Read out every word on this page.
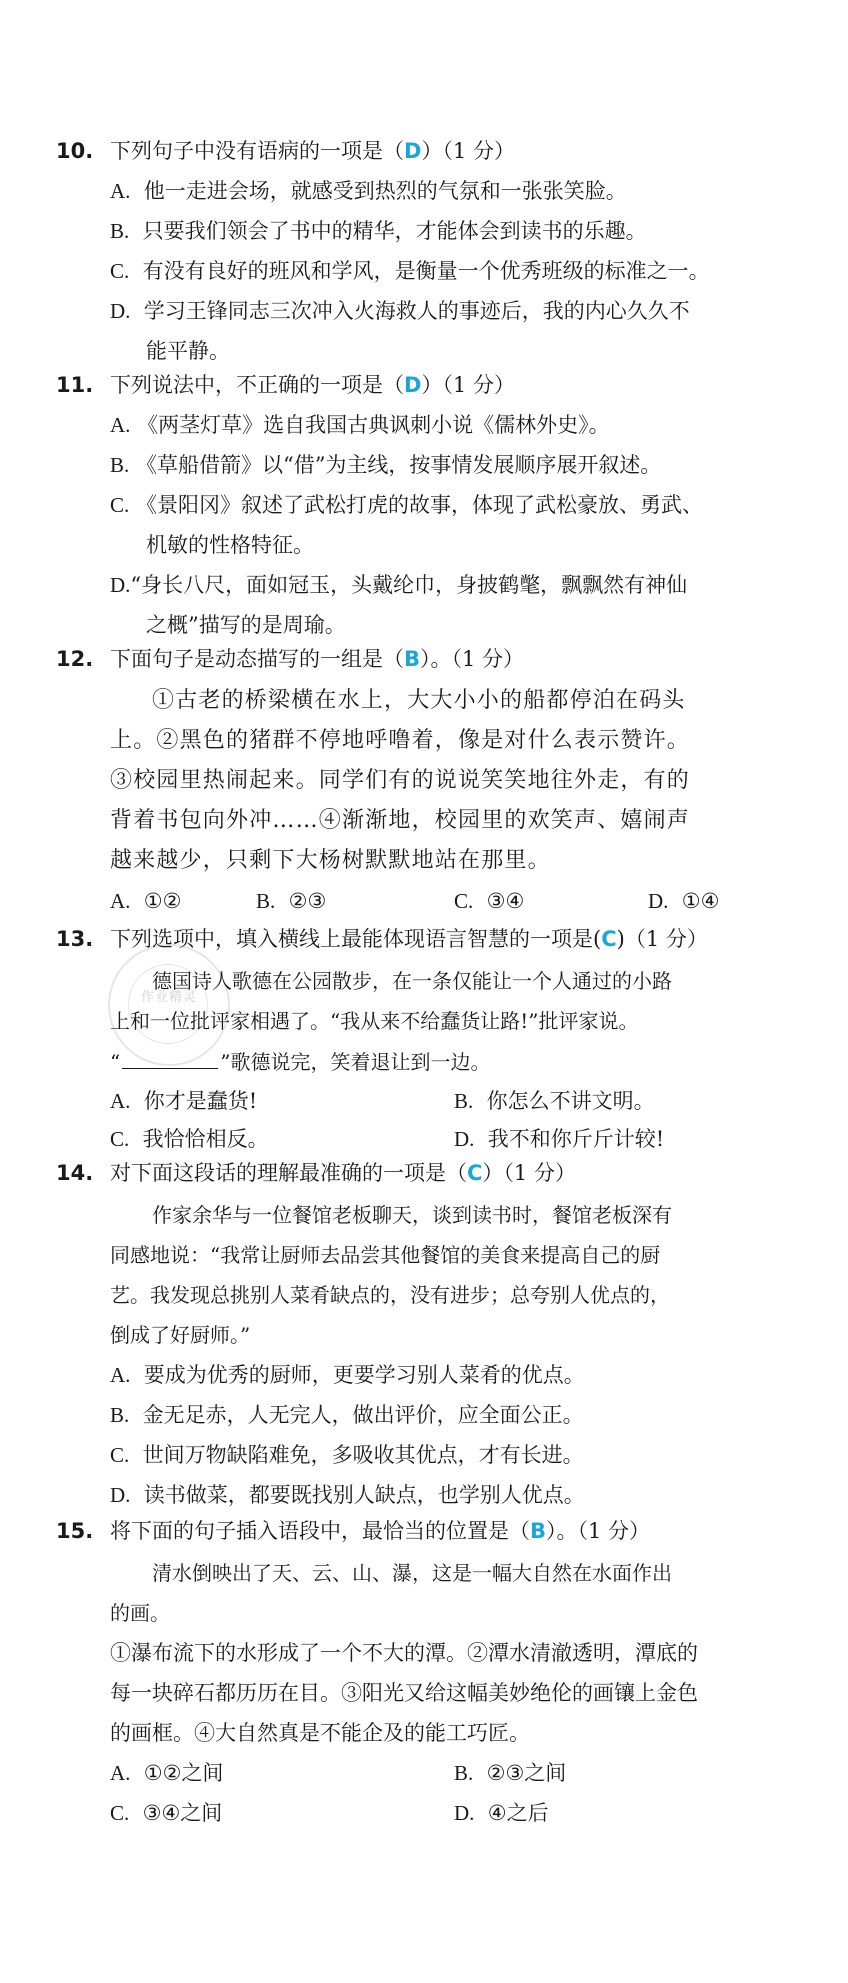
10. 下列句子中没有语病的一项是（D）（1 分）
A. 他一走进会场，就感受到热烈的气氛和一张张笑脸。
B. 只要我们领会了书中的精华，才能体会到读书的乐趣。
C. 有没有良好的班风和学风，是衡量一个优秀班级的标准之一。
D. 学习王锋同志三次冲入火海救人的事迹后，我的内心久久不
能平静。
11. 下列说法中，不正确的一项是（D）（1 分）
A. 《两茎灯草》选自我国古典讽刺小说《儒林外史》。
B. 《草船借箭》以“借”为主线，按事情发展顺序展开叙述。
C. 《景阳冈》叙述了武松打虎的故事，体现了武松豪放、勇武、
机敏的性格特征。
D.“身长八尺，面如冠玉，头戴纶巾，身披鹤氅，飘飘然有神仙
之概”描写的是周瑜。
12. 下面句子是动态描写的一组是（B）。（1 分）
①古老的桥梁横在水上，大大小小的船都停泊在码头
上。②黑色的猪群不停地呼噜着，像是对什么表示赞许。
③校园里热闹起来。同学们有的说说笑笑地往外走，有的
背着书包向外冲……④渐渐地，校园里的欢笑声、嬉闹声
越来越少，只剩下大杨树默默地站在那里。
A. ①②	B. ②③	C. ③④	D. ①④
13. 下列选项中，填入横线上最能体现语言智慧的一项是(C)（1 分）
作业精灵
德国诗人歌德在公园散步，在一条仅能让一个人通过的小路
上和一位批评家相遇了。“我从来不给蠢货让路!”批评家说。
“	”歌德说完，笑着退让到一边。
A. 你才是蠢货!	B. 你怎么不讲文明。
C. 我恰恰相反。	D. 我不和你斤斤计较!
14. 对下面这段话的理解最准确的一项是（C）（1 分）
作家余华与一位餐馆老板聊天，谈到读书时，餐馆老板深有
同感地说：“我常让厨师去品尝其他餐馆的美食来提高自己的厨
艺。我发现总挑别人菜肴缺点的，没有进步；总夸别人优点的，
倒成了好厨师。”
A. 要成为优秀的厨师，更要学习别人菜肴的优点。
B. 金无足赤，人无完人，做出评价，应全面公正。
C. 世间万物缺陷难免，多吸收其优点，才有长进。
D. 读书做菜，都要既找别人缺点，也学别人优点。
15. 将下面的句子插入语段中，最恰当的位置是（B）。（1 分）
清水倒映出了天、云、山、瀑，这是一幅大自然在水面作出
的画。
①瀑布流下的水形成了一个不大的潭。②潭水清澈透明，潭底的
每一块碎石都历历在目。③阳光又给这幅美妙绝伦的画镶上金色
的画框。④大自然真是不能企及的能工巧匠。
A. ①②之间	B. ②③之间
C. ③④之间	D. ④之后
